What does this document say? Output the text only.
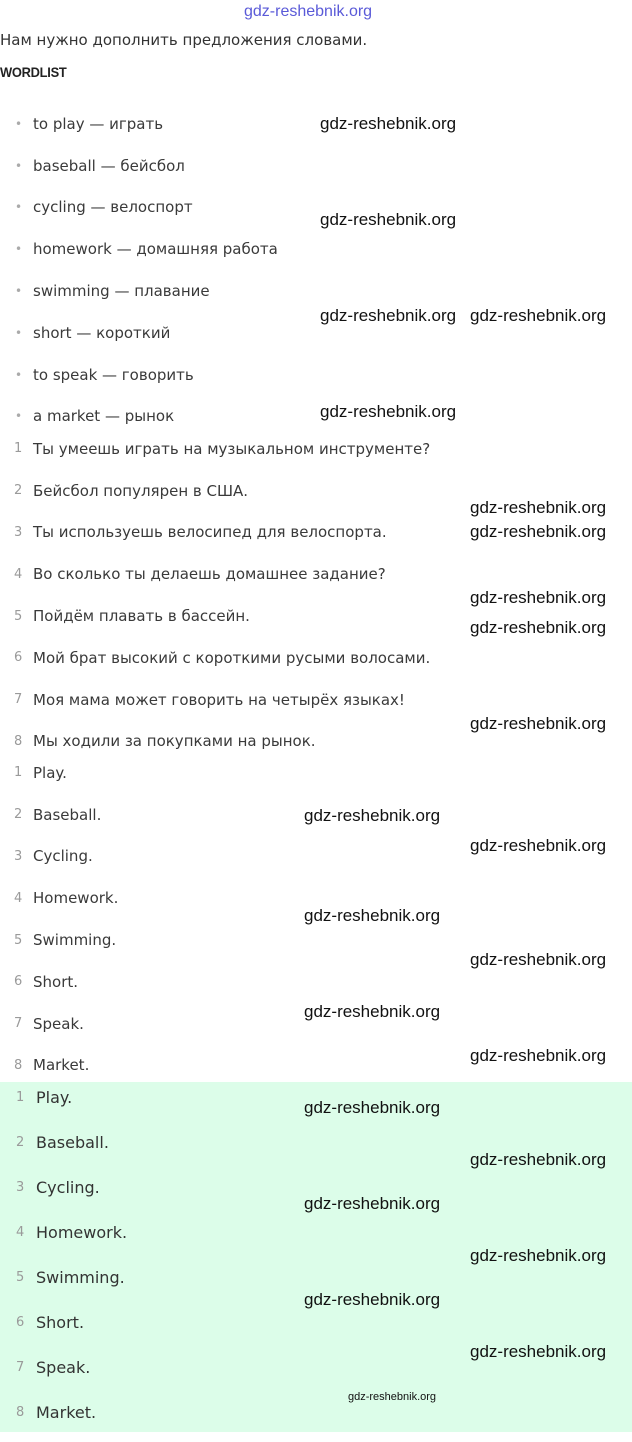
Нам нужно дополнить предложения словами.
WORDLIST
• to play — играть
• baseball — бейсбол
• cycling — велоспорт
• homework — домашняя работа
• swimming — плавание
• short — короткий
• to speak — говорить
• a market — рынок
1 Ты умеешь играть на музыкальном инструменте?
2 Бейсбол популярен в США.
3 Ты используешь велосипед для велоспорта.
4 Во сколько ты делаешь домашнее задание?
5 Пойдём плавать в бассейн.
6 Мой брат высокий с короткими русыми волосами.
7 Моя мама может говорить на четырёх языках!
8 Мы ходили за покупками на рынок.
1 Play.
2 Baseball.
3 Cycling.
4 Homework.
5 Swimming.
6 Short.
7 Speak.
8 Market.
1 Play.
2 Baseball.
3 Cycling.
4 Homework.
5 Swimming.
6 Short.
7 Speak.
8 Market.
gdz-reshebnik.org
gdz-reshebnik.org
gdz-reshebnik.org
gdz-reshebnik.org gdz-reshebnik.org
gdz-reshebnik.org
gdz-reshebnik.org
gdz-reshebnik.org
gdz-reshebnik.org
gdz-reshebnik.org
gdz-reshebnik.org
gdz-reshebnik.org
gdz-reshebnik.org
gdz-reshebnik.org
gdz-reshebnik.org
gdz-reshebnik.org
gdz-reshebnik.org
gdz-reshebnik.org
gdz-reshebnik.org
gdz-reshebnik.org
gdz-reshebnik.org
gdz-reshebnik.org
gdz-reshebnik.org
gdz-reshebnik.org
